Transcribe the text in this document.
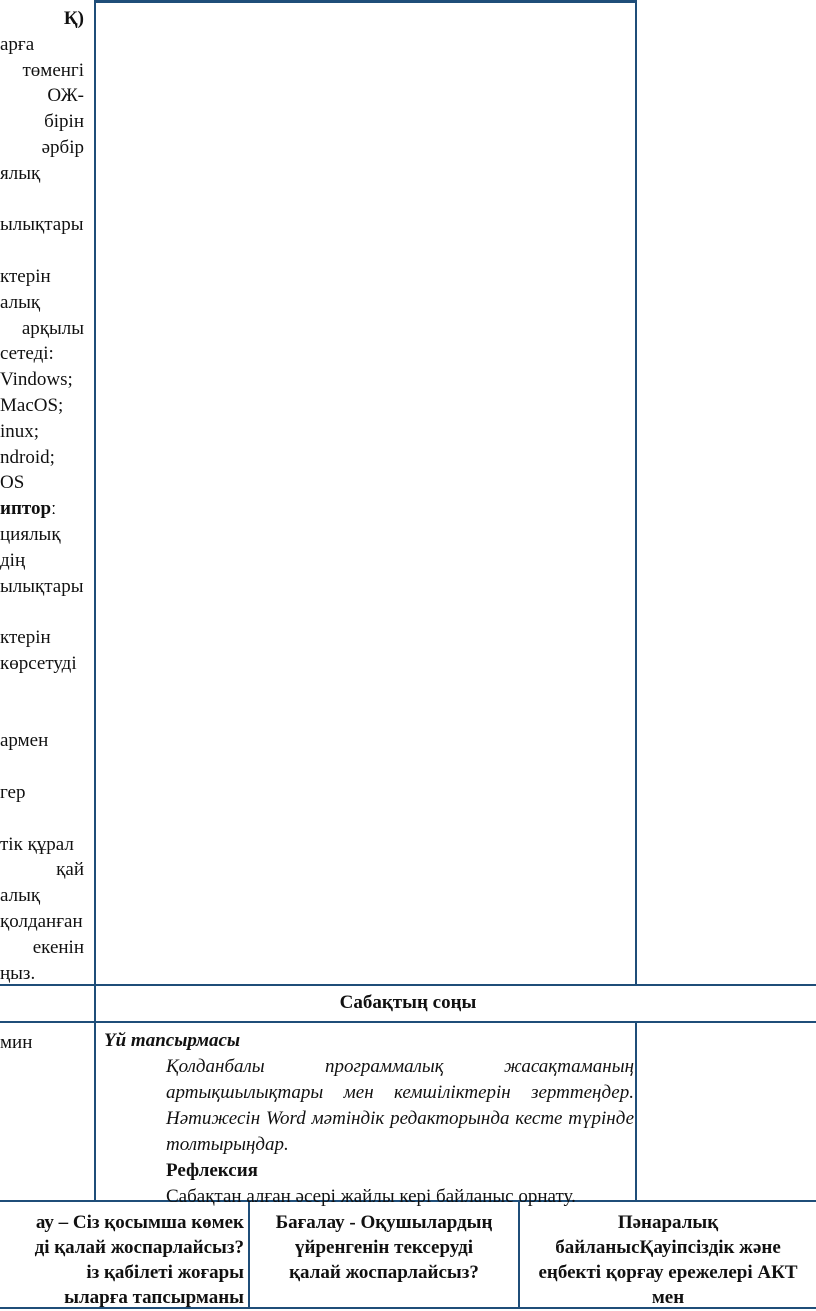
Қ)
арға
төменгі
ОЖ-
бірін
әрбір
ялық
ылықтары
ктерін
алық
арқылы
сетеді:
Vindows;
MacOS;
inux;
ndroid;
OS
ипторː
циялық
дің
ылықтары
ктерін
көрсетуді
армен
гер
тік құрал
қай
алық
қолданған
екенін
ңыз.
Сабақтың соңы
мин	Үй тапсырмасы
Қолданбалы программалық жасақтаманың артықшылықтары мен кемшіліктерін зерттеңдер. Нәтижесін Word мәтіндік редакторында кесте түрінде толтырыңдар.
Рефлексия
Сабақтан алған әсері жайлы кері байланыс орнату.
ау – Сіз қосымша көмек
ді қалай жоспарлайсыз?
із қабілеті жоғары
ыларға тапсырманы
Бағалау - Оқушылардың
үйренгенін тексеруді
қалай жоспарлайсыз?
Пәнаралық
байланысҚауіпсіздік және
еңбекті қорғау ережелері АКТ
мен
